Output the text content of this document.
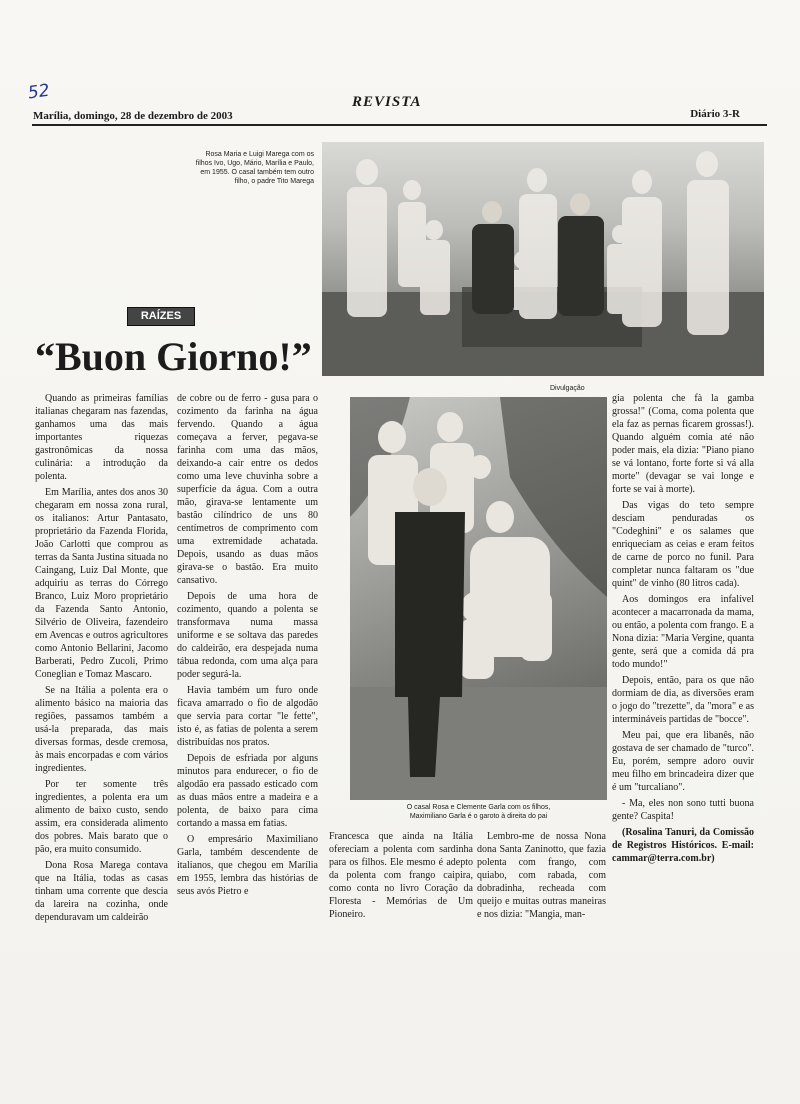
52
Marília, domingo, 28 de dezembro de 2003
REVISTA
Diário 3-R
Rosa Maria e Luigi Marega com os filhos Ivo, Ugo, Mário, Marília e Paulo, em 1955. O casal também tem outro filho, o padre Tito Marega
RAÍZES
“Buon Giorno!”

Quando as primeiras famílias italianas chegaram nas fazendas, ganhamos uma das mais importantes riquezas gastronômicas da nossa culinária: a introdução da polenta.

Em Marília, antes dos anos 30 chegaram em nossa zona rural, os italianos: Artur Pantasato, proprietário da Fazenda Florida, João Carlotti que comprou as terras da Santa Justina situada no Caingang, Luiz Dal Monte, que adquiriu as terras do Córrego Branco, Luiz Moro proprietário da Fazenda Santo Antonio, Silvério de Oliveira, fazendeiro em Avencas e outros agricultores como Antonio Bellarini, Jacomo Barberati, Pedro Zucoli, Primo Coneglian e Tomaz Mascaro.

Se na Itália a polenta era o alimento básico na maioria das regiões, passamos também a usá-la preparada, das mais diversas formas, desde cremosa, às mais encorpadas e com vários ingredientes.

Por ter somente três ingredientes, a polenta era um alimento de baixo custo, sendo assim, era considerada alimento dos pobres. Mais barato que o pão, era muito consumido.

Dona Rosa Marega contava que na Itália, todas as casas tinham uma corrente que descia da lareira na cozinha, onde dependuravam um caldeirão

de cobre ou de ferro - gusa para o cozimento da farinha na água fervendo. Quando a água começava a ferver, pegava-se farinha com uma das mãos, deixando-a cair entre os dedos como uma leve chuvinha sobre a superfície da água. Com a outra mão, girava-se lentamente um bastão cilíndrico de uns 80 centímetros de comprimento com uma extremidade achatada. Depois, usando as duas mãos girava-se o bastão. Era muito cansativo.

Depois de uma hora de cozimento, quando a polenta se transformava numa massa uniforme e se soltava das paredes do caldeirão, era despejada numa tábua redonda, com uma alça para poder segurá-la.

Havia também um furo onde ficava amarrado o fio de algodão que servia para cortar "le fette", isto é, as fatias de polenta a serem distribuídas nos pratos.

Depois de esfriada por alguns minutos para endurecer, o fio de algodão era passado esticado com as duas mãos entre a madeira e a polenta, de baixo para cima cortando a massa em fatias.

O empresário Maximiliano Garla, também descendente de italianos, que chegou em Marília em 1955, lembra das histórias de seus avós Pietro e

Divulgação
O casal Rosa e Clemente Garla com os filhos,
Maximiliano Garla é o garoto à direita do pai

Francesca que ainda na Itália ofereciam a polenta com sardinha para os filhos. Ele mesmo é adepto da polenta com frango caipira, como conta no livro Coração da Floresta - Memórias de Um Pioneiro.

Lembro-me de nossa Nona dona Santa Zaninotto, que fazia polenta com frango, com quiabo, com rabada, com dobradinha, recheada com queijo e muitas outras maneiras e nos dizia: "Mangia, man-

gia polenta che fà la gamba grossa!" (Coma, coma polenta que ela faz as pernas ficarem grossas!). Quando alguém comia até não poder mais, ela dizia: "Piano piano se vá lontano, forte forte si vá alla morte" (devagar se vai longe e forte se vai à morte).

Das vigas do teto sempre desciam penduradas os "Codeghini" e os salames que enriqueciam as ceias e eram feitos de carne de porco no funil. Para completar nunca faltaram os "due quint" de vinho (80 litros cada).

Aos domingos era infalível acontecer a macarronada da mama, ou então, a polenta com frango. E a Nona dizia: "Maria Vergine, quanta gente, será que a comida dá pra todo mundo!"

Depois, então, para os que não dormiam de dia, as diversões eram o jogo do "trezette", da "mora" e as intermináveis partidas de "bocce".

Meu pai, que era libanês, não gostava de ser chamado de "turco". Eu, porém, sempre adoro ouvir meu filho em brincadeira dizer que é um "turcaliano".

- Ma, eles non sono tutti buona gente? Caspita!

(Rosalina Tanuri, da Comissão de Registros Históricos. E-mail: cammar@terra.com.br)
